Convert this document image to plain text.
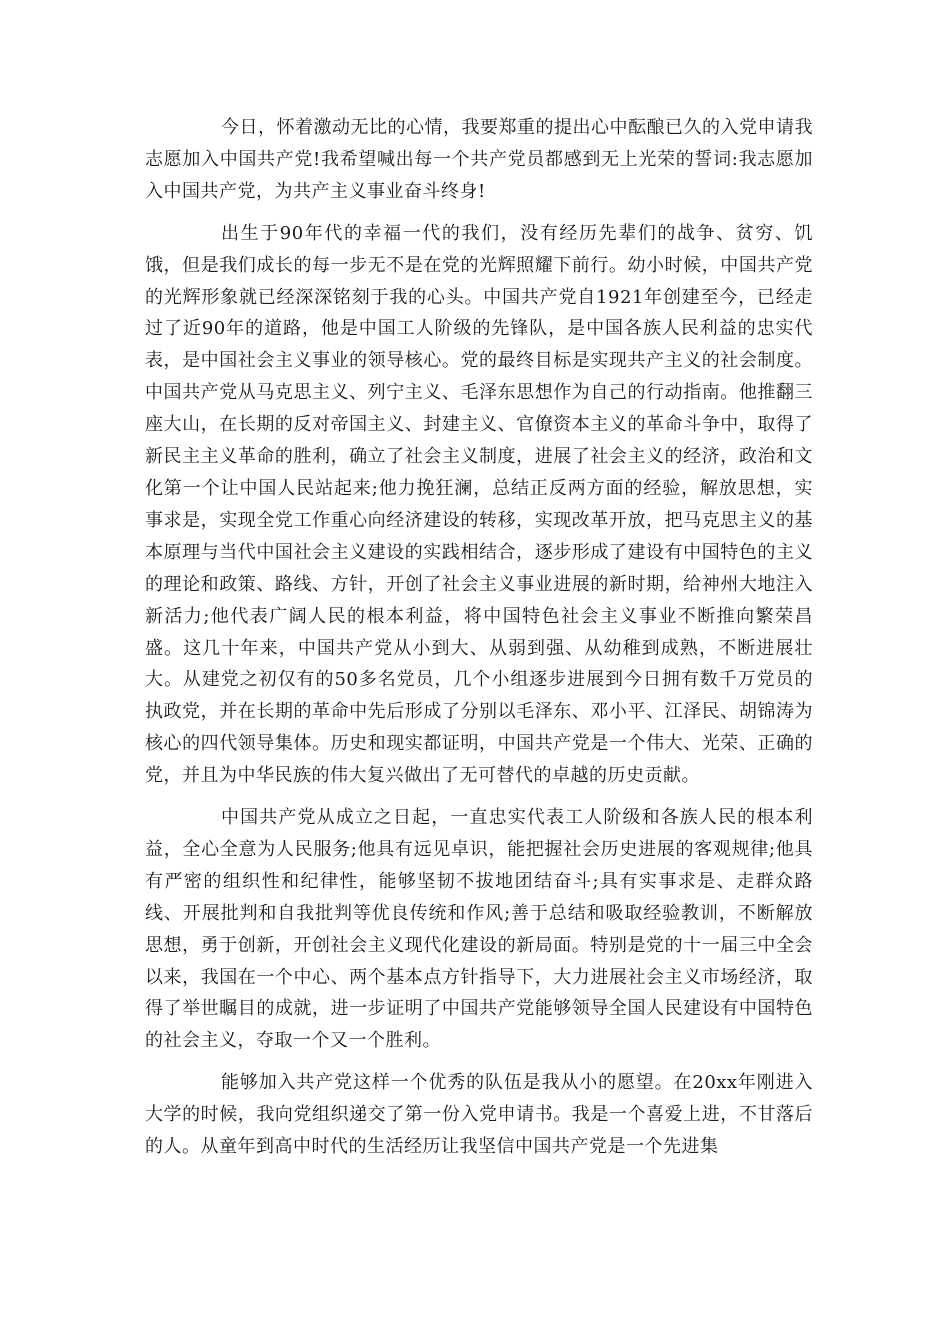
今日，怀着激动无比的心情，我要郑重的提出心中酝酿已久的入党申请我志愿加入中国共产党!我希望喊出每一个共产党员都感到无上光荣的誓词:我志愿加入中国共产党，为共产主义事业奋斗终身!

出生于90年代的幸福一代的我们，没有经历先辈们的战争、贫穷、饥饿，但是我们成长的每一步无不是在党的光辉照耀下前行。幼小时候，中国共产党的光辉形象就已经深深铭刻于我的心头。中国共产党自1921年创建至今，已经走过了近90年的道路，他是中国工人阶级的先锋队，是中国各族人民利益的忠实代表，是中国社会主义事业的领导核心。党的最终目标是实现共产主义的社会制度。中国共产党从马克思主义、列宁主义、毛泽东思想作为自己的行动指南。他推翻三座大山，在长期的反对帝国主义、封建主义、官僚资本主义的革命斗争中，取得了新民主主义革命的胜利，确立了社会主义制度，进展了社会主义的经济，政治和文化第一个让中国人民站起来;他力挽狂澜，总结正反两方面的经验，解放思想，实事求是，实现全党工作重心向经济建设的转移，实现改革开放，把马克思主义的基本原理与当代中国社会主义建设的实践相结合，逐步形成了建设有中国特色的主义的理论和政策、路线、方针，开创了社会主义事业进展的新时期，给神州大地注入新活力;他代表广阔人民的根本利益，将中国特色社会主义事业不断推向繁荣昌盛。这几十年来，中国共产党从小到大、从弱到强、从幼稚到成熟，不断进展壮大。从建党之初仅有的50多名党员，几个小组逐步进展到今日拥有数千万党员的执政党，并在长期的革命中先后形成了分别以毛泽东、邓小平、江泽民、胡锦涛为核心的四代领导集体。历史和现实都证明，中国共产党是一个伟大、光荣、正确的党，并且为中华民族的伟大复兴做出了无可替代的卓越的历史贡献。

中国共产党从成立之日起，一直忠实代表工人阶级和各族人民的根本利益，全心全意为人民服务;他具有远见卓识，能把握社会历史进展的客观规律;他具有严密的组织性和纪律性，能够坚韧不拔地团结奋斗;具有实事求是、走群众路线、开展批判和自我批判等优良传统和作风;善于总结和吸取经验教训，不断解放思想，勇于创新，开创社会主义现代化建设的新局面。特别是党的十一届三中全会以来，我国在一个中心、两个基本点方针指导下，大力进展社会主义市场经济，取得了举世瞩目的成就，进一步证明了中国共产党能够领导全国人民建设有中国特色的社会主义，夺取一个又一个胜利。

能够加入共产党这样一个优秀的队伍是我从小的愿望。在20xx年刚进入大学的时候，我向党组织递交了第一份入党申请书。我是一个喜爱上进，不甘落后的人。从童年到高中时代的生活经历让我坚信中国共产党是一个先进集
